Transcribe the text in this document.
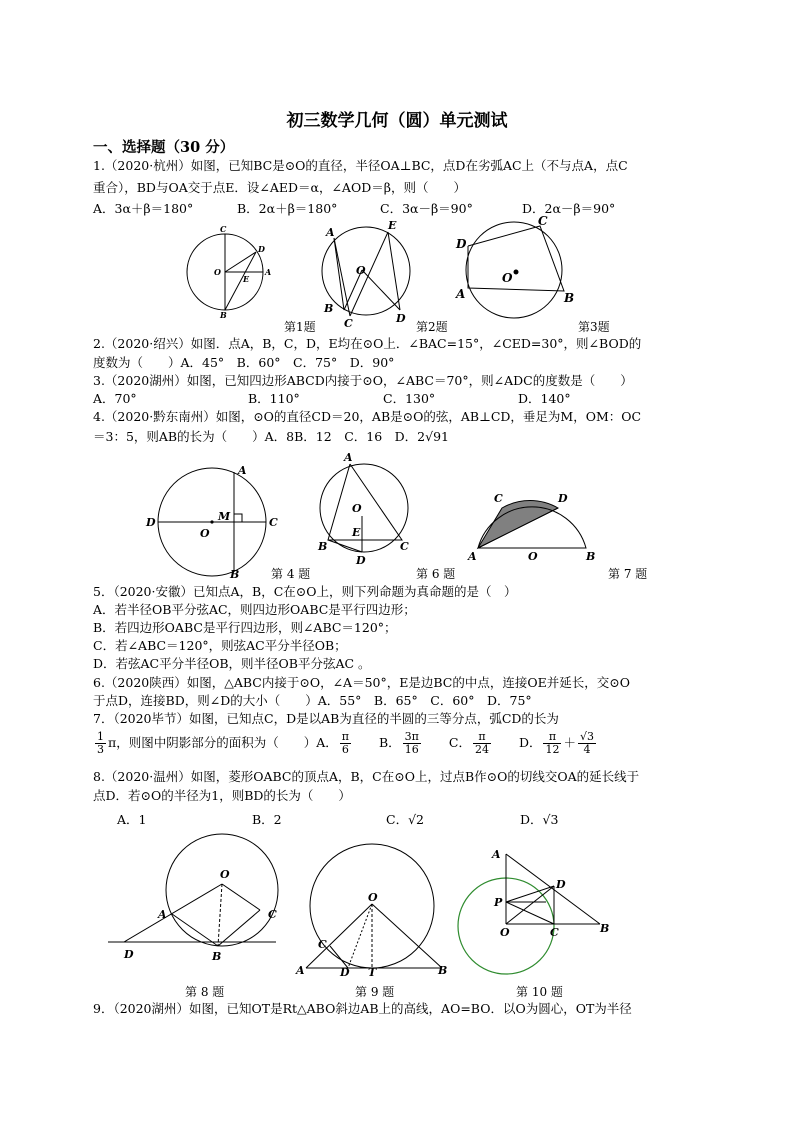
初三数学几何（圆）单元测试
一、选择题（30 分）
1.（2020·杭州）如图，已知BC是⊙O的直径，半径OA⊥BC，点D在劣弧AC上（不与点A，点C
重合），BD与OA交于点E．设∠AED＝α，∠AOD＝β，则（　　）
A．3α＋β＝180°	B．2α＋β＝180°	C．3α－β＝90°	D．2α－β＝90°
C
O
D
A
E
B
A
O
E
B
C	D
D
C
B
A
O
第1题	第2题	第3题
2.（2020·绍兴）如图．点A，B，C，D，E均在⊙O上．∠BAC=15°，∠CED=30°，则∠BOD的
度数为（　　）A．45°　B．60°　C．75°　D．90°
3.（2020湖州）如图，已知四边形ABCD内接于⊙O，∠ABC＝70°，则∠ADC的度数是（　　）
A．70°	B．110°	C．130°	D．140°
4.（2020·黔东南州）如图，⊙O的直径CD＝20，AB是⊙O的弦，AB⊥CD，垂足为M，OM：OC
＝3：5，则AB的长为（　　）A．8B．12　C．16　D．2√91
D	C
A
B
M
O
A
O
E
B	C
D
C	D
A	O	B
第 4 题	第 6 题	第 7 题
5．（2020·安徽）已知点A，B，C在⊙O上，则下列命题为真命题的是（　）
A．若半径OB平分弦AC，则四边形OABC是平行四边形；
B．若四边形OABC是平行四边形，则∠ABC＝120°；
C．若∠ABC＝120°，则弦AC平分半径OB；
D．若弦AC平分半径OB，则半径OB平分弦AC 。
6.（2020陕西）如图，△ABC内接于⊙O，∠A＝50°，E是边BC的中点，连接OE并延长，交⊙O
于点D，连接BD，则∠D的大小（　　）A．55°　B．65°　C．60°　D．75°
7．（2020毕节）如图，已知点C，D是以AB为直径的半圆的三等分点，弧CD的长为
$\frac{1}{3}$ π，则图中阴影部分的面积为（　　）A． $\frac{\pi}{6}$ B． $\frac{3\pi}{16}$ C． $\frac{\pi}{24}$ D． $\frac{\pi}{12} + \frac{√3}{4}$
8.（2020·温州）如图，菱形OABC的顶点A，B，C在⊙O上，过点B作⊙O的切线交OA的延长线于
点D．若⊙O的半径为1，则BD的长为（　　）
A．1	B．2	C．√2	D．√3
O
A	C
B
D
O
C
A	D T	B
A
D
P
O	C	B
第 8 题	第 9 题	第 10 题
9．（2020湖州）如图，已知OT是Rt△ABO斜边AB上的高线，AO=BO．以O为圆心，OT为半径
